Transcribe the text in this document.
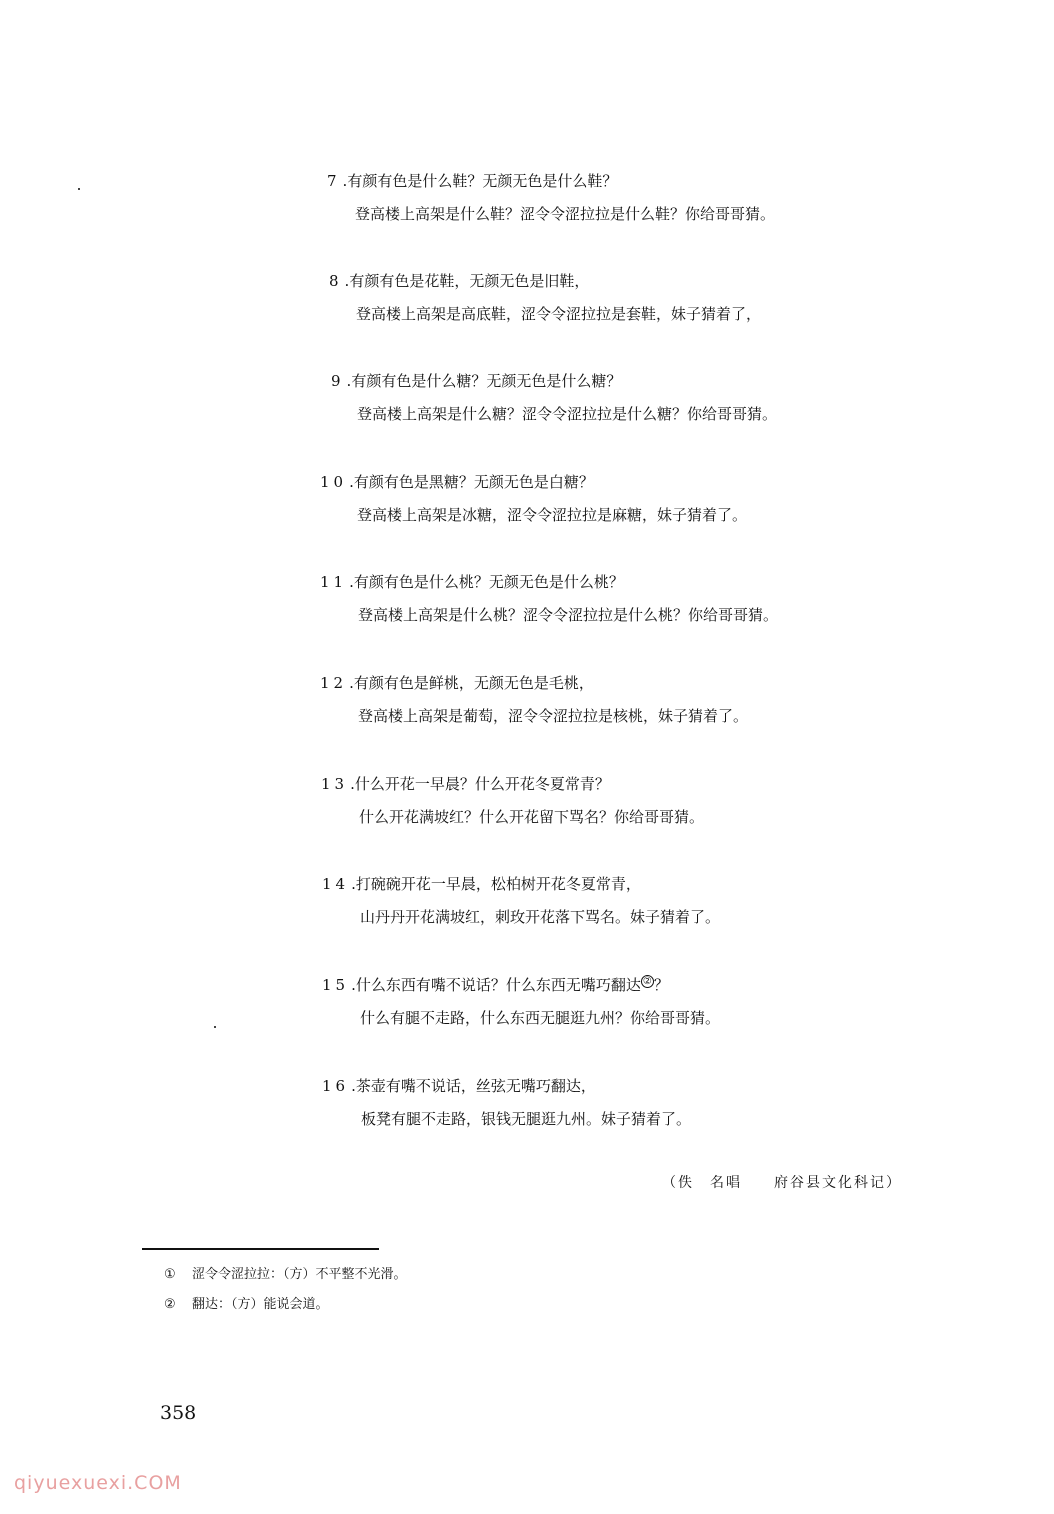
7 .有颜有色是什么鞋？无颜无色是什么鞋？
登高楼上高架是什么鞋？涩令令涩拉拉是什么鞋？你给哥哥猜。
8 .有颜有色是花鞋，无颜无色是旧鞋，
登高楼上高架是高底鞋，涩令令涩拉拉是套鞋，妹子猜着了，
9 .有颜有色是什么糖？无颜无色是什么糖？
登高楼上高架是什么糖？涩令令涩拉拉是什么糖？你给哥哥猜。
10 .有颜有色是黑糖？无颜无色是白糖？
登高楼上高架是冰糖，涩令令涩拉拉是麻糖，妹子猜着了。
11 .有颜有色是什么桃？无颜无色是什么桃？
登高楼上高架是什么桃？涩令令涩拉拉是什么桃？你给哥哥猜。
12 .有颜有色是鲜桃，无颜无色是毛桃，
登高楼上高架是葡萄，涩令令涩拉拉是核桃，妹子猜着了。
13 .什么开花一早晨？什么开花冬夏常青？
什么开花满坡红？什么开花留下骂名？你给哥哥猜。
14 .打碗碗开花一早晨，松柏树开花冬夏常青，
山丹丹开花满坡红，刺玫开花落下骂名。妹子猜着了。
15 .什么东西有嘴不说话？什么东西无嘴巧翻达 ② ？
什么有腿不走路，什么东西无腿逛九州？你给哥哥猜。
16 .茶壶有嘴不说话，丝弦无嘴巧翻达，
板凳有腿不走路，银钱无腿逛九州。妹子猜着了。
（佚　名唱　　府谷县文化科记）
① 涩令令涩拉拉：（方）不平整不光滑。
② 翻达：（方）能说会道。
358
qiyuexuexi.COM
